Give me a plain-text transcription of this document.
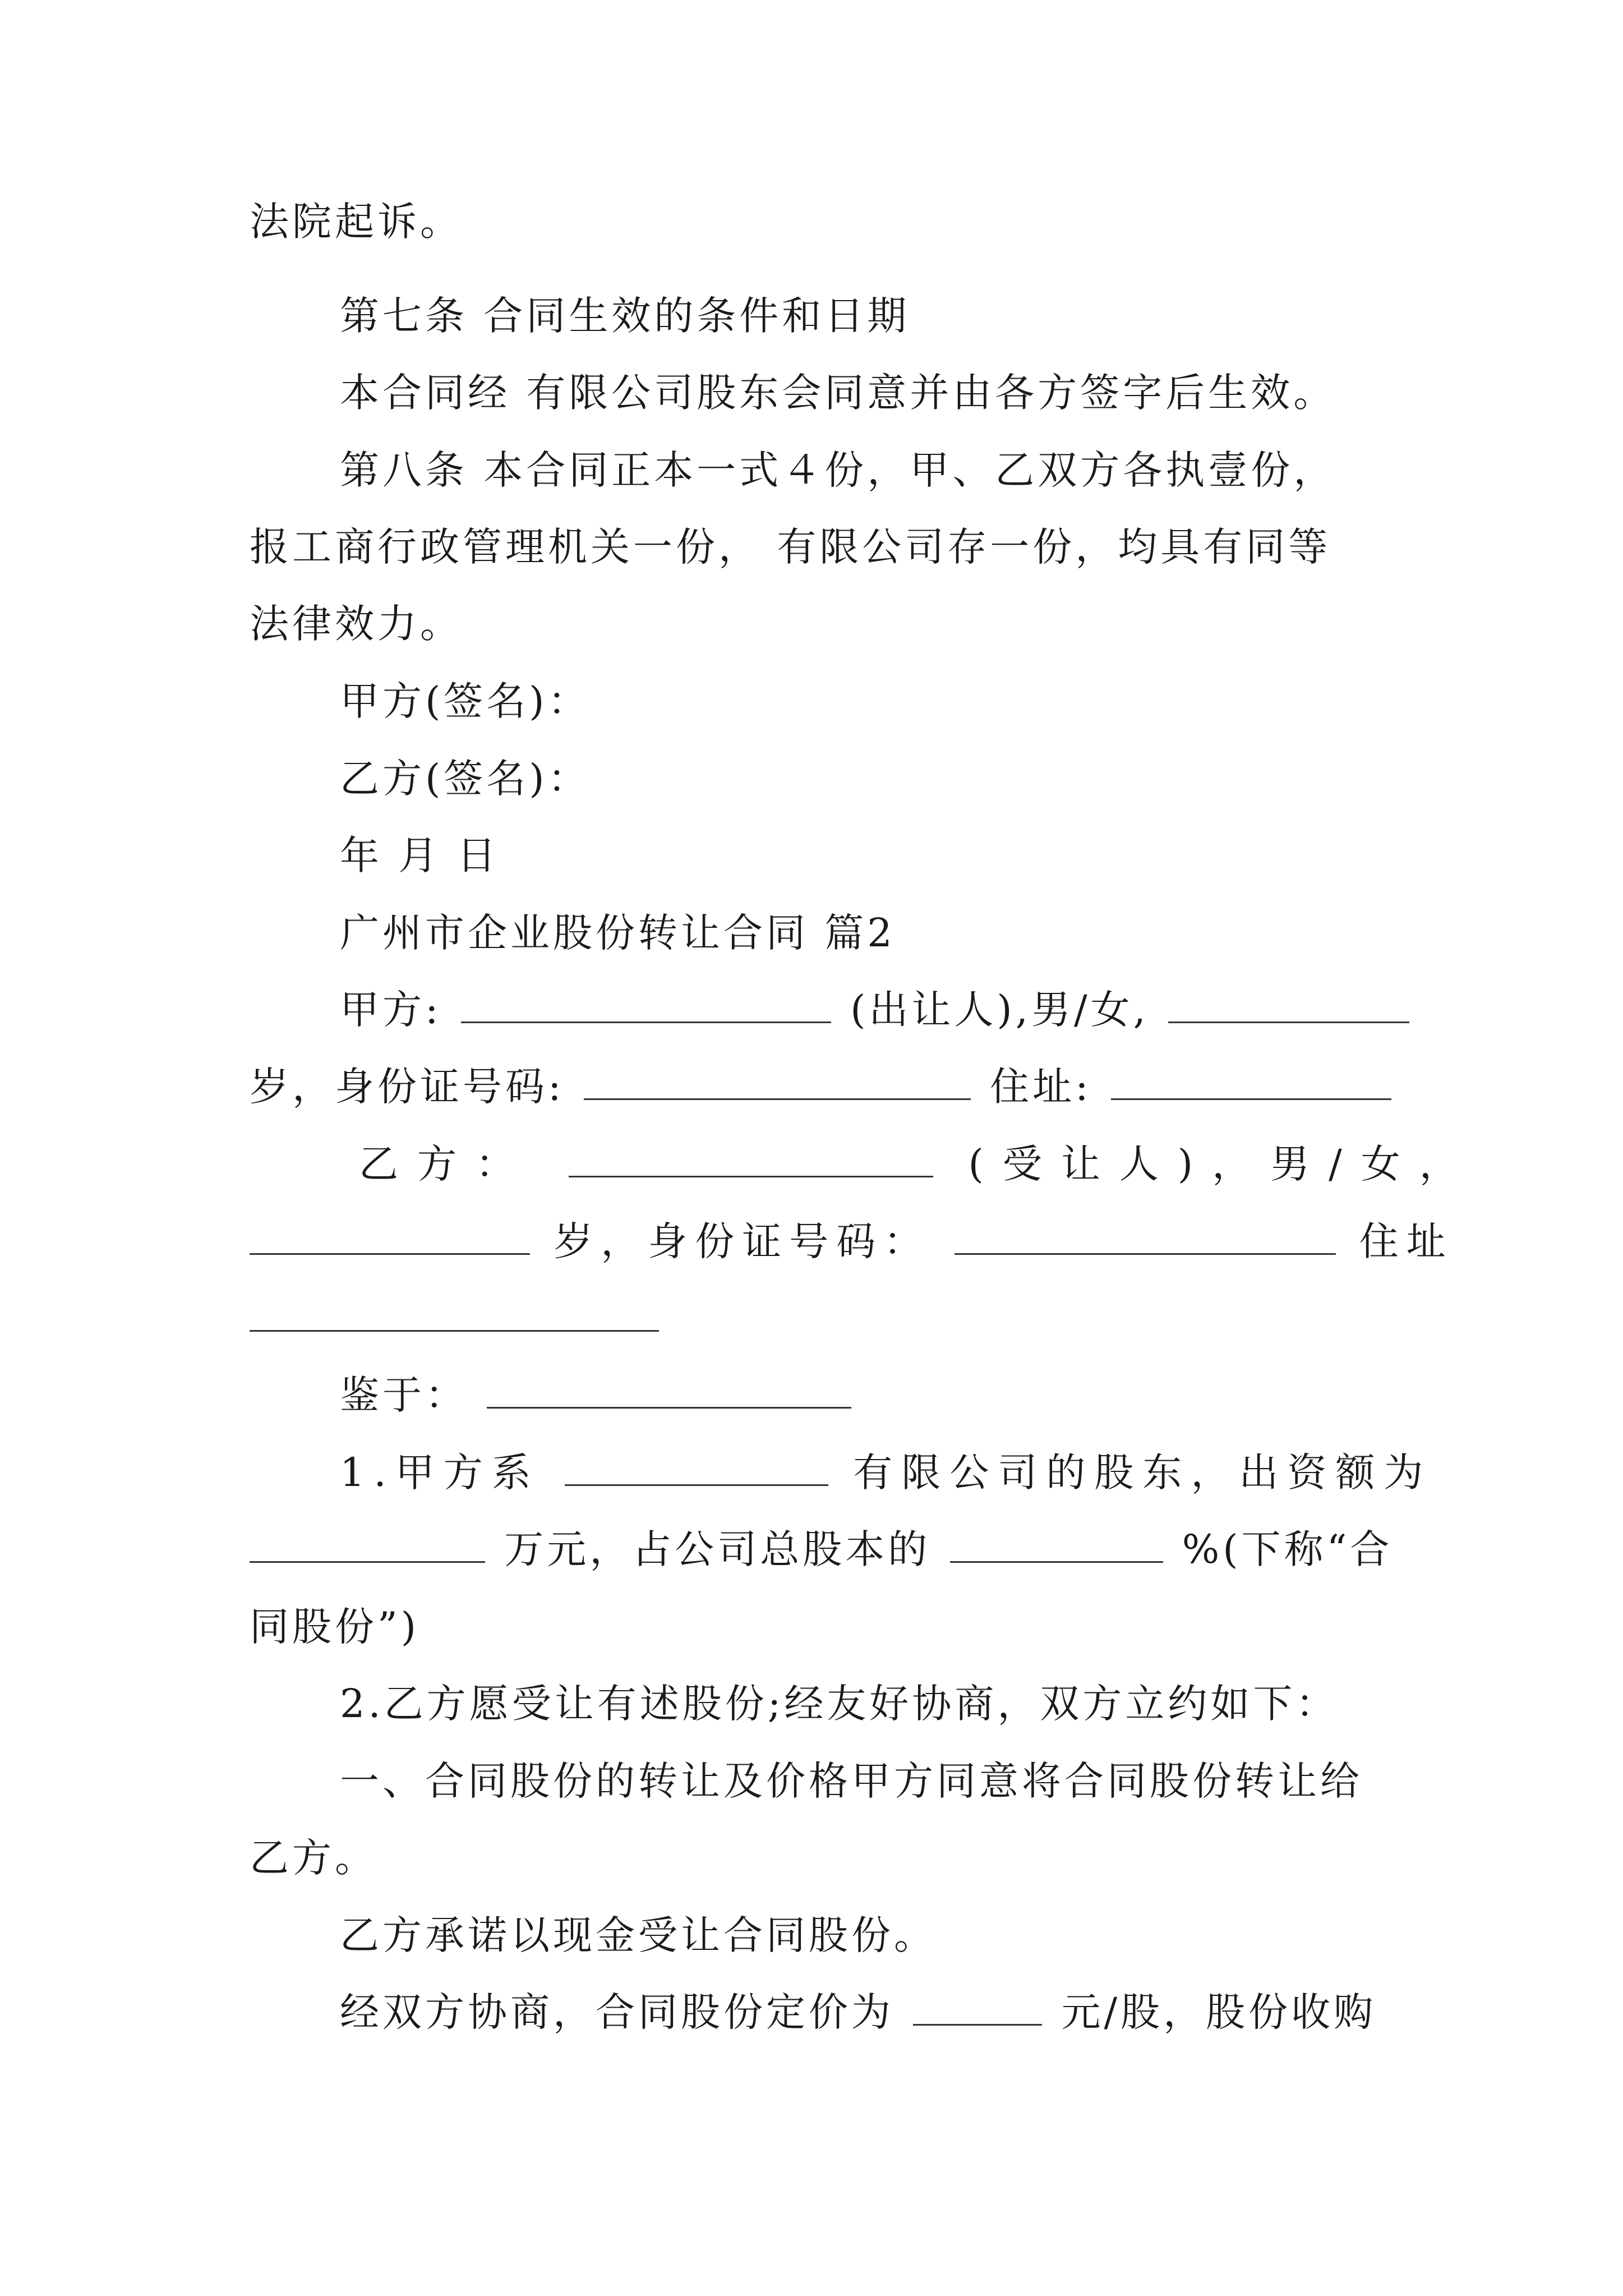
法院起诉。
第七条 合同生效的条件和日期
本合同经 有限公司股东会同意并由各方签字后生效。
第八条 本合同正本一式４份，甲、乙双方各执壹份，
报工商行政管理机关一份， 有限公司存一份，均具有同等
法律效力。
甲方(签名)：
乙方(签名)：
年 月 日
广州市企业股份转让合同 篇2
甲方:	(出让人),男/女,
岁，身份证号码:	住址:
乙方：	(受让人)，男/女，
岁，身份证号码：	住址
鉴于：
1.甲方系	有限公司的股东，出资额为
万元，占公司总股本的	%(下称“合
同股份”)
2.乙方愿受让有述股份;经友好协商，双方立约如下：
一、合同股份的转让及价格甲方同意将合同股份转让给
乙方。
乙方承诺以现金受让合同股份。
经双方协商，合同股份定价为	元/股，股份收购
